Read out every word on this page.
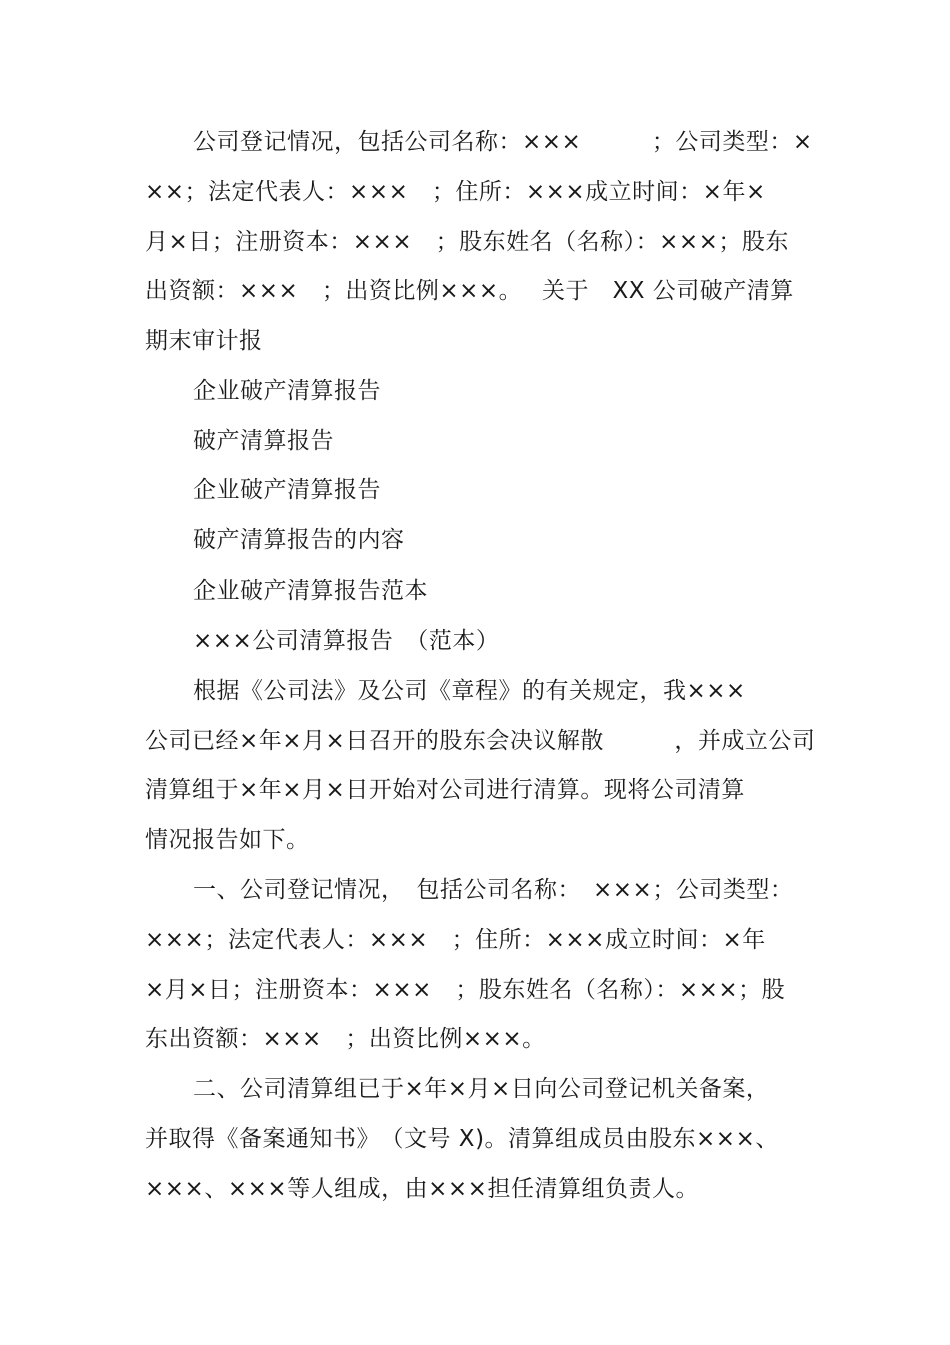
公司登记情况，包括公司名称：×××　　　；公司类型：×
××；法定代表人：×××　；住所：×××成立时间：×年×
月×日；注册资本：×××　；股东姓名（名称）：×××；股东
出资额：×××　；出资比例×××。　 关于　XX 公司破产清算
期末审计报
企业破产清算报告
破产清算报告
企业破产清算报告
破产清算报告的内容
企业破产清算报告范本
×××公司清算报告　（范本）
根据《公司法》及公司《章程》的有关规定，我×××
公司已经×年×月×日召开的股东会决议解散　　　，并成立公司
清算组于×年×月×日开始对公司进行清算。现将公司清算
情况报告如下。
一、公司登记情况，　包括公司名称：　×××；公司类型：
×××；法定代表人：×××　；住所：×××成立时间：×年
×月×日；注册资本：×××　；股东姓名（名称）：×××；股
东出资额：×××　；出资比例×××。
二、公司清算组已于×年×月×日向公司登记机关备案，
并取得《备案通知书》　（文号 X)。清算组成员由股东×××、
×××、×××等人组成，由×××担任清算组负责人。
